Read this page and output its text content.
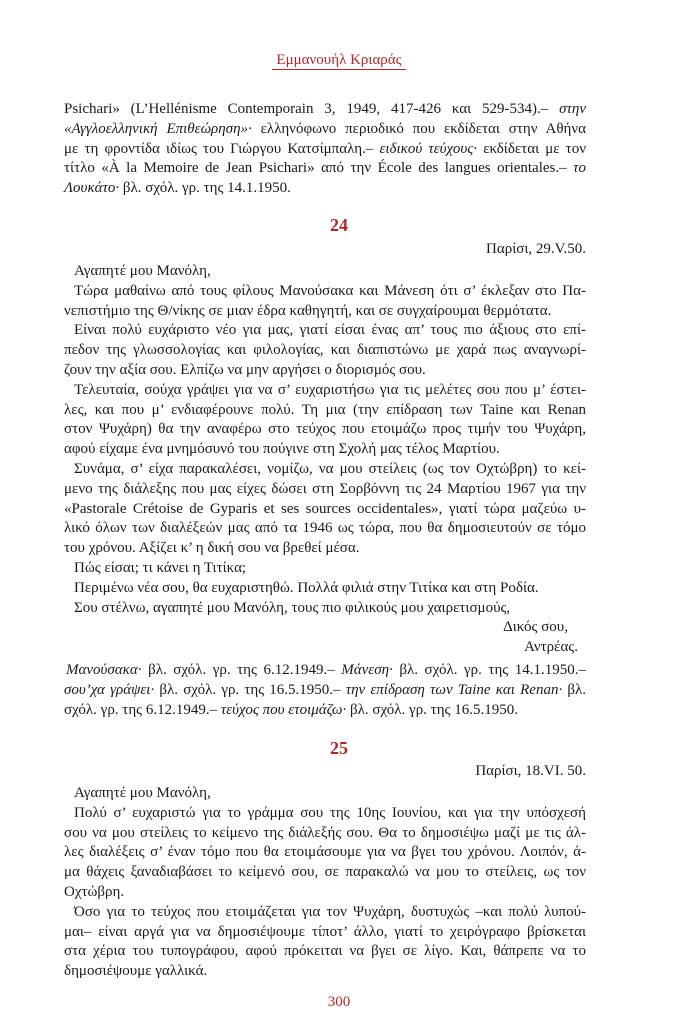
Εμμανουήλ Κριαράς
Psichari» (L’Hellénisme Contemporain 3, 1949, 417-426 και 529-534).– στην
«Αγγλοελληνική Επιθεώρηση»· ελληνόφωνο περιοδικό που εκδίδεται στην Αθήνα
με τη φροντίδα ιδίως του Γιώργου Κατσίμπαλη.– ειδικού τεύχους· εκδίδεται με τον
τίτλο «À la Memoire de Jean Psichari» από την École des langues orientales.– το
Λουκάτο· βλ. σχόλ. γρ. της 14.1.1950.
24
Παρίσι, 29.V.50.
Αγαπητέ μου Μανόλη,
Τώρα μαθαίνω από τους φίλους Μανούσακα και Μάνεση ότι σ’ έκλεξαν στο Πα-
νεπιστήμιο της Θ/νίκης σε μιαν έδρα καθηγητή, και σε συγχαίρουμαι θερμότατα.
Είναι πολύ ευχάριστο νέο για μας, γιατί είσαι ένας απ’ τους πιο άξιους στο επί-
πεδον της γλωσσολογίας και φιλολογίας, και διαπιστώνω με χαρά πως αναγνωρί-
ζουν την αξία σου. Ελπίζω να μην αργήσει ο διορισμός σου.
Τελευταία, σούχα γράψει για να σ’ ευχαριστήσω για τις μελέτες σου που μ’ έστει-
λες, και που μ’ ενδιαφέρουνε πολύ. Τη μια (την επίδραση των Taine και Renan
στον Ψυχάρη) θα την αναφέρω στο τεύχος που ετοιμάζω προς τιμήν του Ψυχάρη,
αφού είχαμε ένα μνημόσυνό του πούγινε στη Σχολή μας τέλος Μαρτίου.
Συνάμα, σ’ είχα παρακαλέσει, νομίζω, να μου στείλεις (ως τον Οχτώβρη) το κεί-
μενο της διάλεξης που μας είχες δώσει στη Σορβόννη τις 24 Μαρτίου 1967 για την
«Pastorale Crétoise de Gyparis et ses sources occidentales», γιατί τώρα μαζεύω υ-
λικό όλων των διαλέξεών μας από τα 1946 ως τώρα, που θα δημοσιευτούν σε τόμο
του χρόνου. Αξίζει κ’ η δική σου να βρεθεί μέσα.
Πώς είσαι; τι κάνει η Τιτίκα;
Περιμένω νέα σου, θα ευχαριστηθώ. Πολλά φιλιά στην Τιτίκα και στη Ροδία.
Σου στέλνω, αγαπητέ μου Μανόλη, τους πιο φιλικούς μου χαιρετισμούς,
Δικός σου,
Αντρέας.
Μανούσακα· βλ. σχόλ. γρ. της 6.12.1949.– Μάνεση· βλ. σχόλ. γρ. της 14.1.1950.–
σου’χα γράψει· βλ. σχόλ. γρ. της 16.5.1950.– την επίδραση των Taine και Renan· βλ.
σχόλ. γρ. της 6.12.1949.– τεύχος που ετοιμάζω· βλ. σχόλ. γρ. της 16.5.1950.
25
Παρίσι, 18.VI. 50.
Αγαπητέ μου Μανόλη,
Πολύ σ’ ευχαριστώ για το γράμμα σου της 10ης Ιουνίου, και για την υπόσχεσή
σου να μου στείλεις το κείμενο της διάλεξής σου. Θα το δημοσιέψω μαζί με τις άλ-
λες διαλέξεις σ’ έναν τόμο που θα ετοιμάσουμε για να βγει του χρόνου. Λοιπόν, ά-
μα θάχεις ξαναδιαβάσει το κείμενό σου, σε παρακαλώ να μου το στείλεις, ως τον
Οχτώβρη.
Όσο για το τεύχος που ετοιμάζεται για τον Ψυχάρη, δυστυχώς –και πολύ λυπού-
μαι– είναι αργά για να δημοσιέψουμε τίποτ’ άλλο, γιατί το χειρόγραφο βρίσκεται
στα χέρια του τυπογράφου, αφού πρόκειται να βγει σε λίγο. Και, θάπρεπε να το
δημοσιέψουμε γαλλικά.
300
